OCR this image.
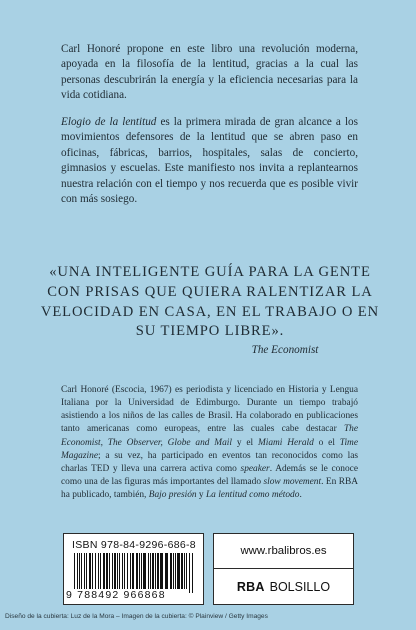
Carl Honoré propone en este libro una revolución moderna, apoyada en la filosofía de la lentitud, gracias a la cual las personas descubrirán la energía y la eficiencia necesarias para la vida cotidiana.

Elogio de la lentitud es la primera mirada de gran alcance a los movimientos defensores de la lentitud que se abren paso en oficinas, fábricas, barrios, hospitales, salas de concierto, gimnasios y escuelas. Este manifiesto nos invita a replantearnos nuestra relación con el tiempo y nos recuerda que es posible vivir con más sosiego.

«UNA INTELIGENTE GUÍA PARA LA GENTE CON PRISAS QUE QUIERA RALENTIZAR LA VELOCIDAD EN CASA, EN EL TRABAJO O EN SU TIEMPO LIBRE».
The Economist

Carl Honoré (Escocia, 1967) es periodista y licenciado en Historia y Lengua Italiana por la Universidad de Edimburgo. Durante un tiempo trabajó asistiendo a los niños de las calles de Brasil. Ha colaborado en publicaciones tanto americanas como europeas, entre las cuales cabe destacar The Economist, The Observer, Globe and Mail y el Miami Herald o el Time Magazine; a su vez, ha participado en eventos tan reconocidos como las charlas TED y lleva una carrera activa como speaker. Además se le conoce como una de las figuras más importantes del llamado slow movement. En RBA ha publicado, también, Bajo presión y La lentitud como método.

ISBN 978-84-9296-686-8
9 788492 966868
www.rbalibros.es
RBA BOLSILLO
Diseño de la cubierta: Luz de la Mora – Imagen de la cubierta: © Plainview / Getty Images
